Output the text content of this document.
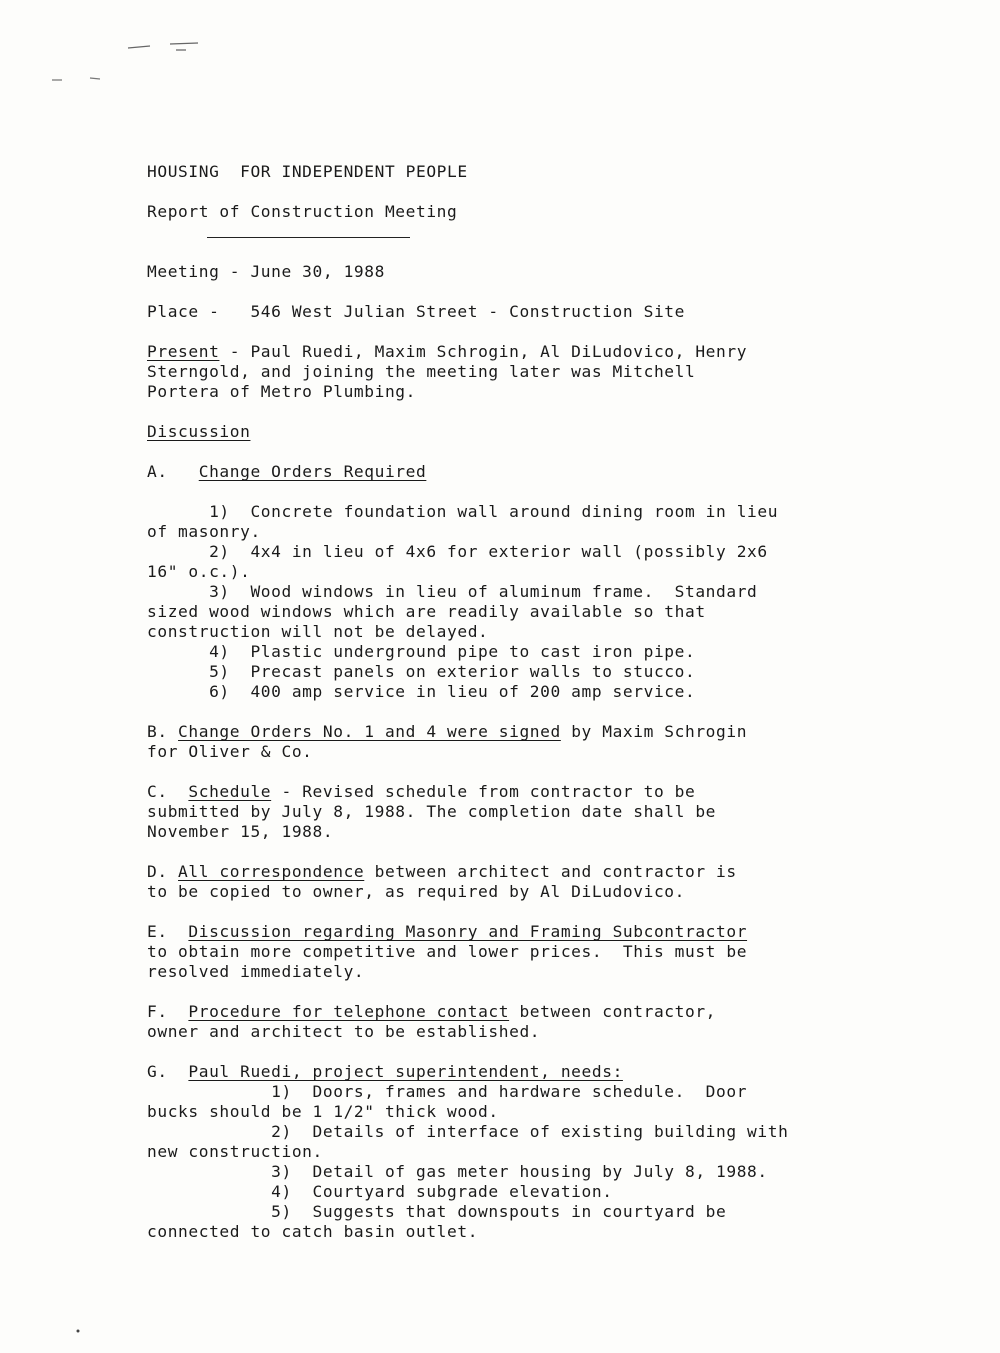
HOUSING  FOR INDEPENDENT PEOPLE
Report of Construction Meeting
Meeting - June 30, 1988
Place -   546 West Julian Street - Construction Site
Present - Paul Ruedi, Maxim Schrogin, Al DiLudovico, Henry
Sterngold, and joining the meeting later was Mitchell
Portera of Metro Plumbing.
Discussion
A.   Change Orders Required
1)  Concrete foundation wall around dining room in lieu
of masonry.
2)  4x4 in lieu of 4x6 for exterior wall (possibly 2x6
16" o.c.).
3)  Wood windows in lieu of aluminum frame.  Standard
sized wood windows which are readily available so that
construction will not be delayed.
4)  Plastic underground pipe to cast iron pipe.
5)  Precast panels on exterior walls to stucco.
6)  400 amp service in lieu of 200 amp service.
B. Change Orders No. 1 and 4 were signed by Maxim Schrogin
for Oliver & Co.
C.  Schedule - Revised schedule from contractor to be
submitted by July 8, 1988. The completion date shall be
November 15, 1988.
D. All correspondence between architect and contractor is
to be copied to owner, as required by Al DiLudovico.
E.  Discussion regarding Masonry and Framing Subcontractor
to obtain more competitive and lower prices.  This must be
resolved immediately.
F.  Procedure for telephone contact between contractor,
owner and architect to be established.
G.  Paul Ruedi, project superintendent, needs:
1)  Doors, frames and hardware schedule.  Door
bucks should be 1 1/2" thick wood.
2)  Details of interface of existing building with
new construction.
3)  Detail of gas meter housing by July 8, 1988.
4)  Courtyard subgrade elevation.
5)  Suggests that downspouts in courtyard be
connected to catch basin outlet.
